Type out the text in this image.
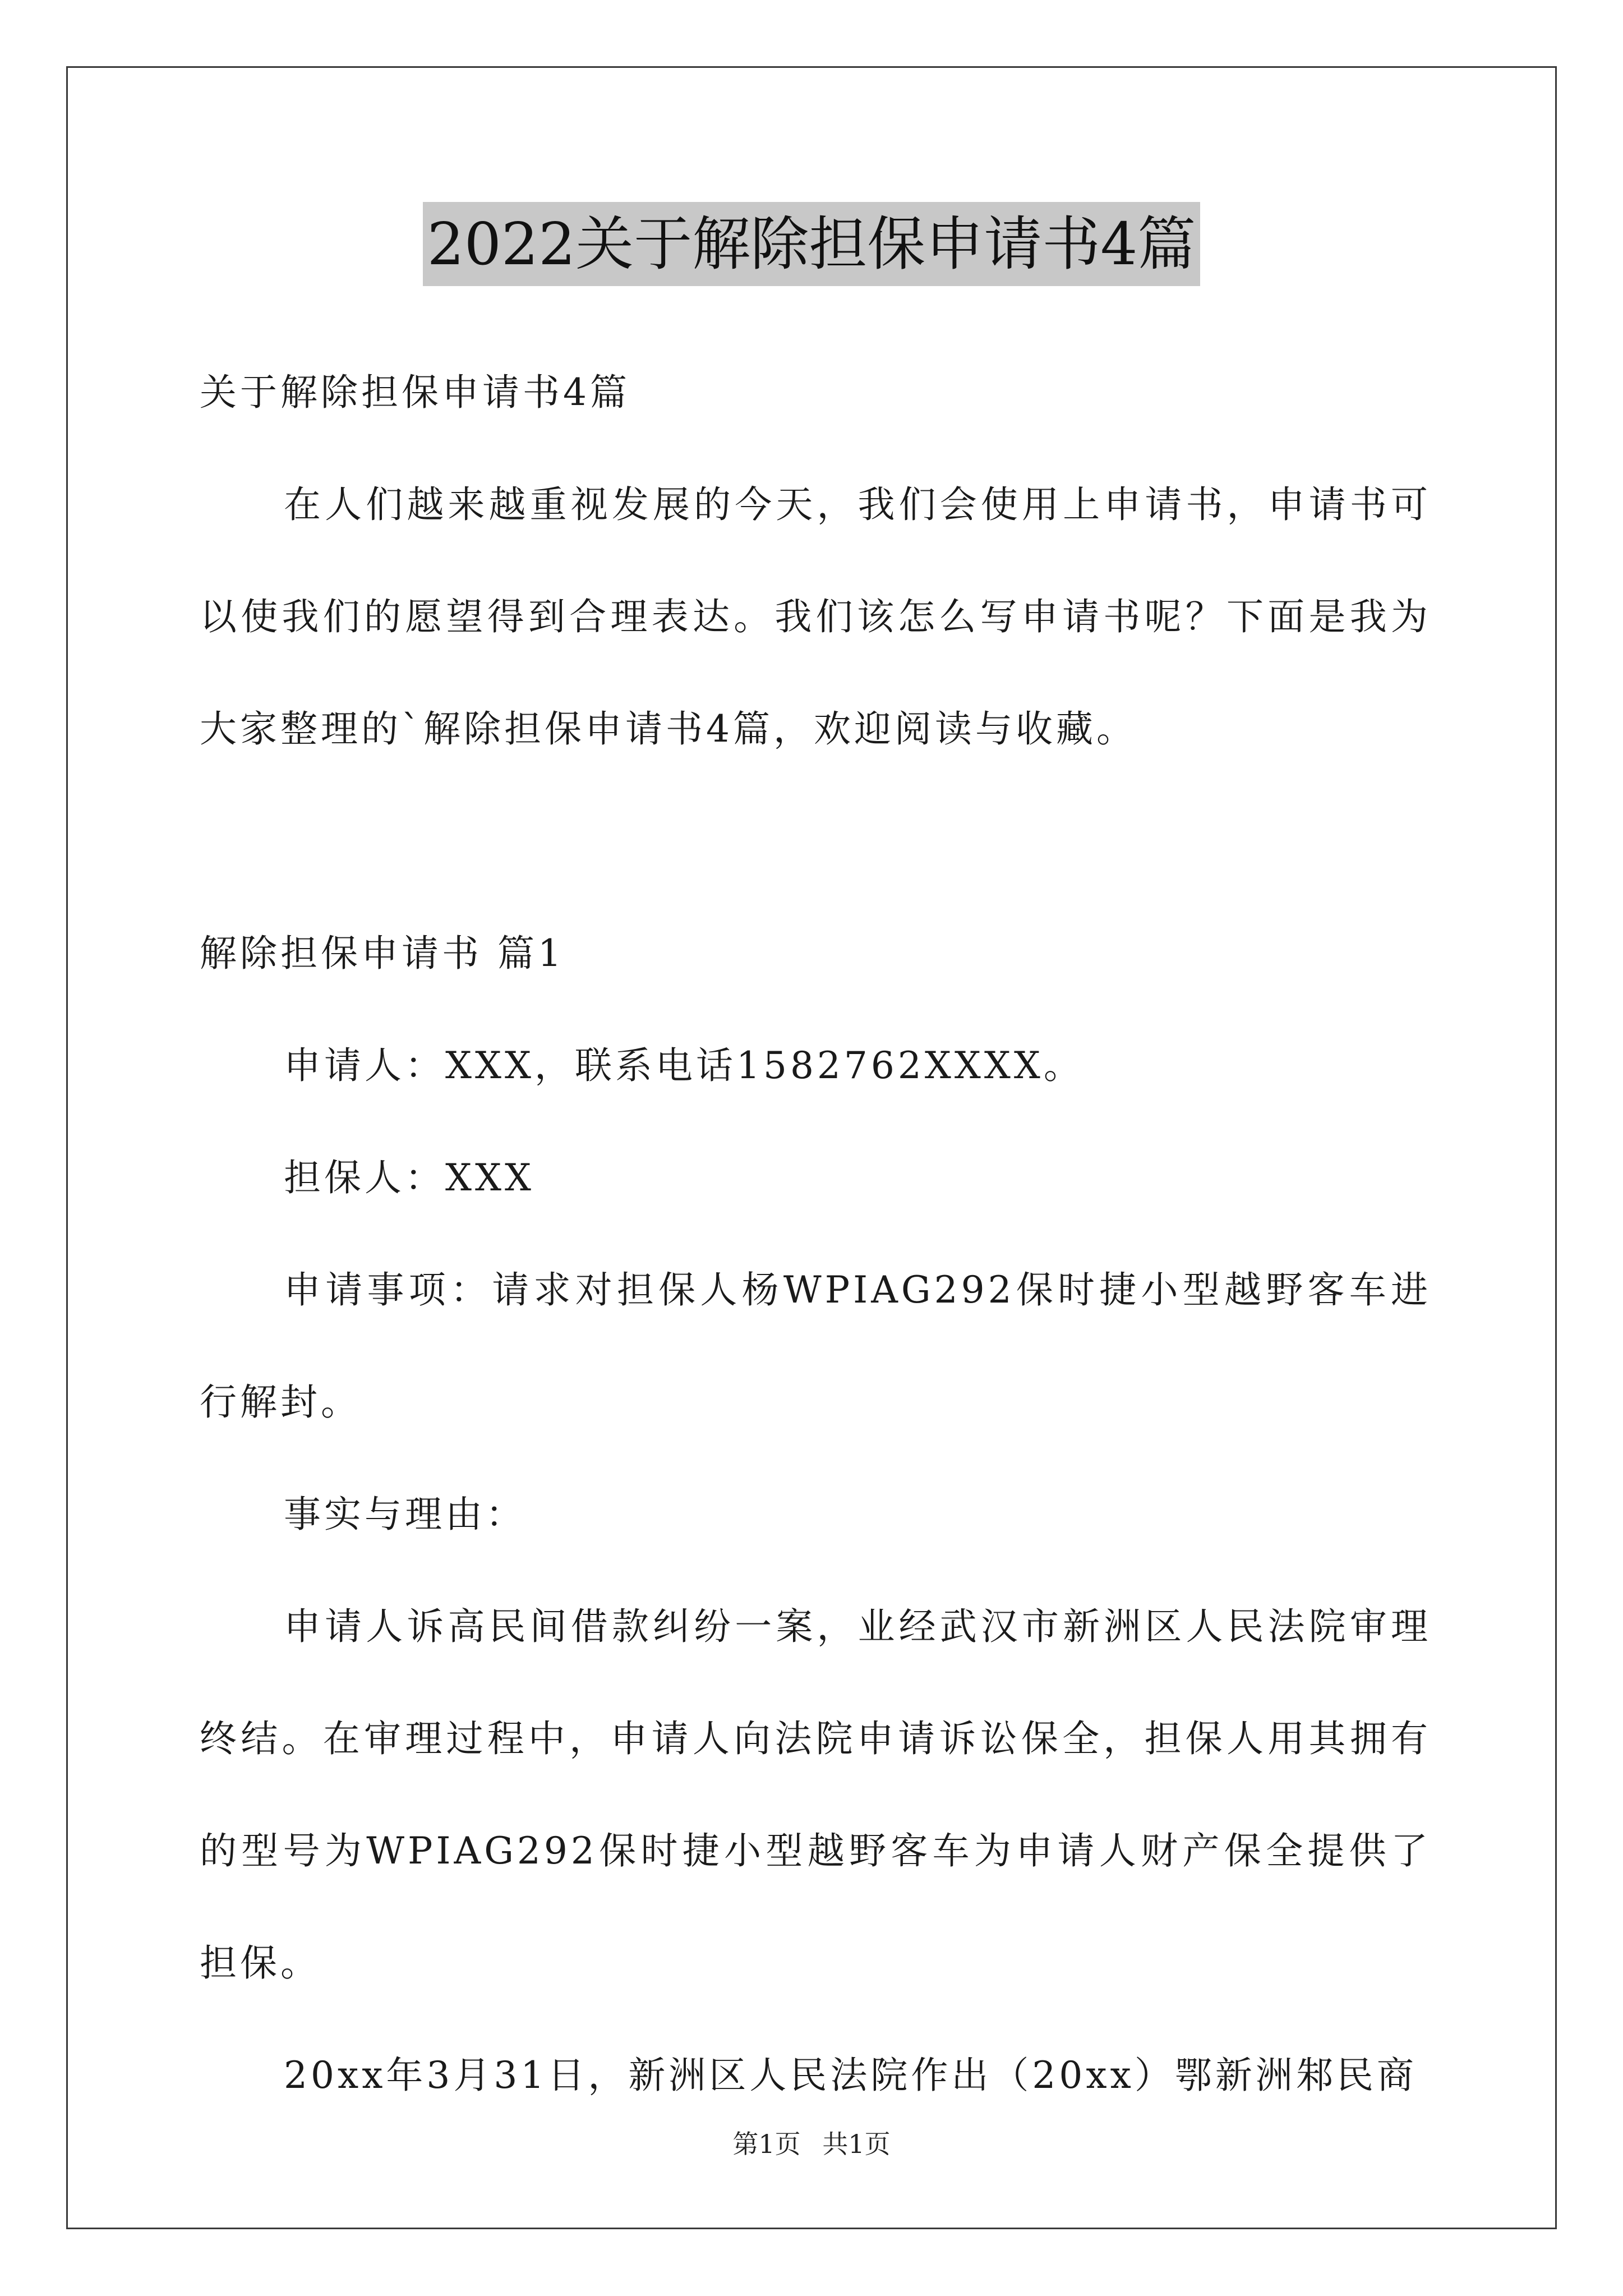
2022关于解除担保申请书4篇

关于解除担保申请书4篇

在人们越来越重视发展的今天，我们会使用上申请书，申请书可以使我们的愿望得到合理表达。我们该怎么写申请书呢？下面是我为大家整理的`解除担保申请书4篇，欢迎阅读与收藏。

解除担保申请书 篇1

申请人：XXX，联系电话1582762XXXX。

担保人：XXX

申请事项：请求对担保人杨WPIAG292保时捷小型越野客车进行解封。

事实与理由：

申请人诉高民间借款纠纷一案，业经武汉市新洲区人民法院审理终结。在审理过程中，申请人向法院申请诉讼保全，担保人用其拥有的型号为WPIAG292保时捷小型越野客车为申请人财产保全提供了担保。

20xx年3月31日，新洲区人民法院作出（20xx）鄂新洲邾民商

第1页 共1页
